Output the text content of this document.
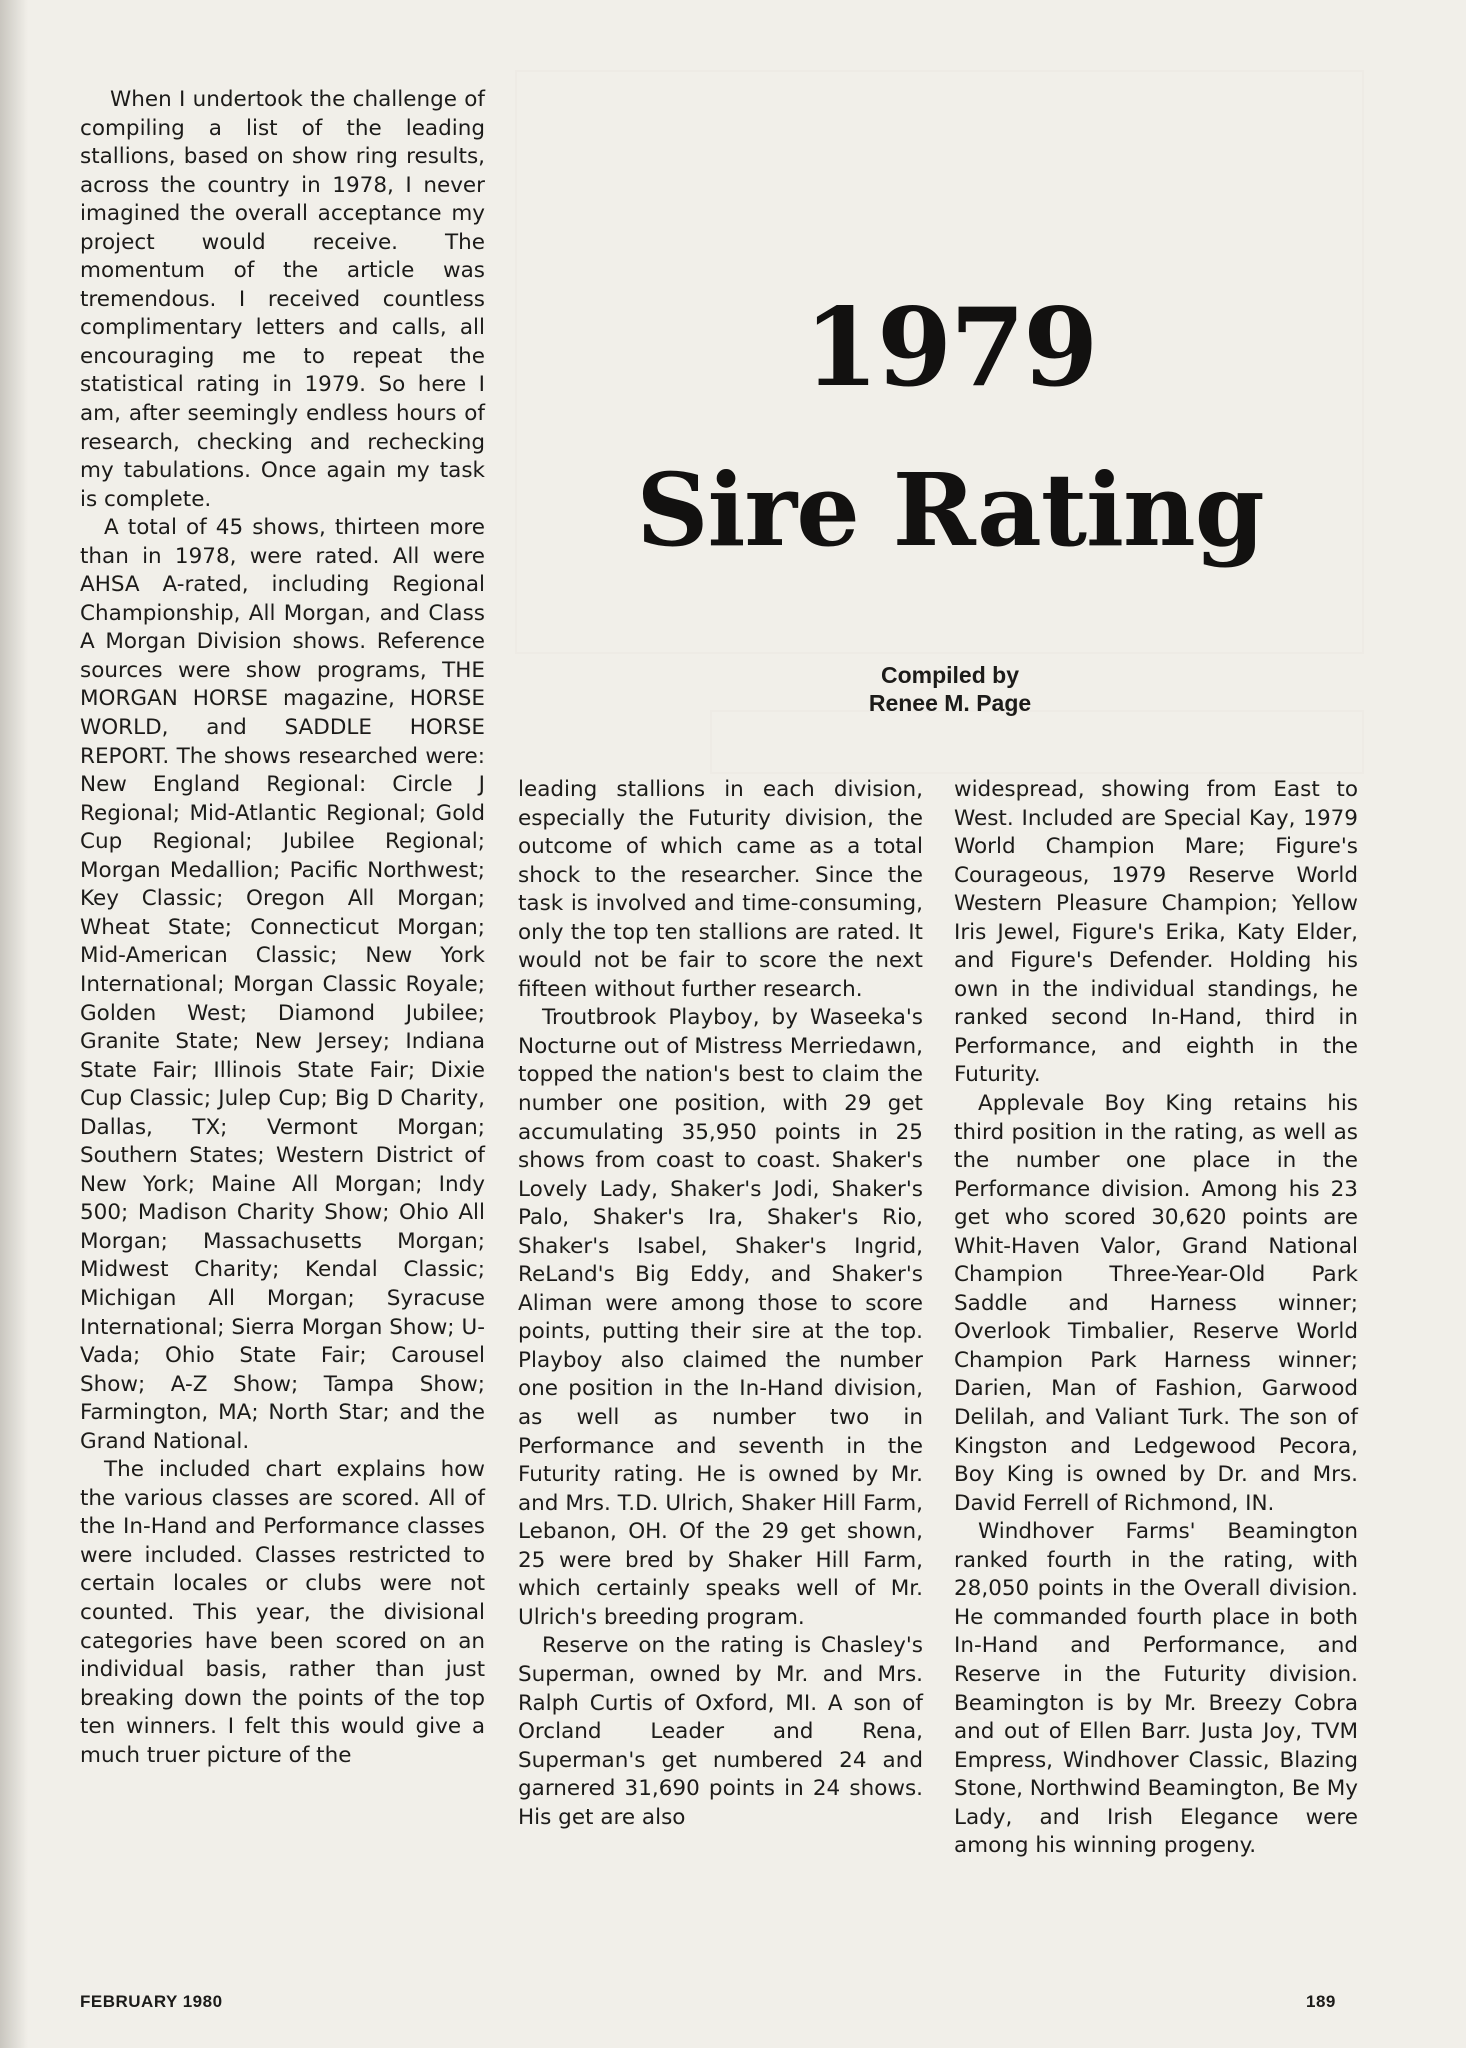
When I undertook the challenge of compiling a list of the leading stallions, based on show ring results, across the country in 1978, I never imagined the overall acceptance my project would receive. The momentum of the article was tremendous. I received countless complimentary letters and calls, all encouraging me to repeat the statistical rating in 1979. So here I am, after seemingly endless hours of research, checking and rechecking my tabulations. Once again my task is complete.

A total of 45 shows, thirteen more than in 1978, were rated. All were AHSA A-rated, including Regional Championship, All Morgan, and Class A Morgan Division shows. Reference sources were show programs, THE MORGAN HORSE magazine, HORSE WORLD, and SADDLE HORSE REPORT. The shows researched were: New England Regional: Circle J Regional; Mid-Atlantic Regional; Gold Cup Regional; Jubilee Regional; Morgan Medallion; Pacific Northwest; Key Classic; Oregon All Morgan; Wheat State; Connecticut Morgan; Mid-American Classic; New York International; Morgan Classic Royale; Golden West; Diamond Jubilee; Granite State; New Jersey; Indiana State Fair; Illinois State Fair; Dixie Cup Classic; Julep Cup; Big D Charity, Dallas, TX; Vermont Morgan; Southern States; Western District of New York; Maine All Morgan; Indy 500; Madison Charity Show; Ohio All Morgan; Massachusetts Morgan; Midwest Charity; Kendal Classic; Michigan All Morgan; Syracuse International; Sierra Morgan Show; U-Vada; Ohio State Fair; Carousel Show; A-Z Show; Tampa Show; Farmington, MA; North Star; and the Grand National.

The included chart explains how the various classes are scored. All of the In-Hand and Performance classes were included. Classes restricted to certain locales or clubs were not counted. This year, the divisional categories have been scored on an individual basis, rather than just breaking down the points of the top ten winners. I felt this would give a much truer picture of the

1979
Sire Rating
Compiled by
Renee M. Page

leading stallions in each division, especially the Futurity division, the outcome of which came as a total shock to the researcher. Since the task is involved and time-consuming, only the top ten stallions are rated. It would not be fair to score the next fifteen without further research.

Troutbrook Playboy, by Waseeka's Nocturne out of Mistress Merriedawn, topped the nation's best to claim the number one position, with 29 get accumulating 35,950 points in 25 shows from coast to coast. Shaker's Lovely Lady, Shaker's Jodi, Shaker's Palo, Shaker's Ira, Shaker's Rio, Shaker's Isabel, Shaker's Ingrid, ReLand's Big Eddy, and Shaker's Aliman were among those to score points, putting their sire at the top. Playboy also claimed the number one position in the In-Hand division, as well as number two in Performance and seventh in the Futurity rating. He is owned by Mr. and Mrs. T.D. Ulrich, Shaker Hill Farm, Lebanon, OH. Of the 29 get shown, 25 were bred by Shaker Hill Farm, which certainly speaks well of Mr. Ulrich's breeding program.

Reserve on the rating is Chasley's Superman, owned by Mr. and Mrs. Ralph Curtis of Oxford, MI. A son of Orcland Leader and Rena, Superman's get numbered 24 and garnered 31,690 points in 24 shows. His get are also

widespread, showing from East to West. Included are Special Kay, 1979 World Champion Mare; Figure's Courageous, 1979 Reserve World Western Pleasure Champion; Yellow Iris Jewel, Figure's Erika, Katy Elder, and Figure's Defender. Holding his own in the individual standings, he ranked second In-Hand, third in Performance, and eighth in the Futurity.

Applevale Boy King retains his third position in the rating, as well as the number one place in the Performance division. Among his 23 get who scored 30,620 points are Whit-Haven Valor, Grand National Champion Three-Year-Old Park Saddle and Harness winner; Overlook Timbalier, Reserve World Champion Park Harness winner; Darien, Man of Fashion, Garwood Delilah, and Valiant Turk. The son of Kingston and Ledgewood Pecora, Boy King is owned by Dr. and Mrs. David Ferrell of Richmond, IN.

Windhover Farms' Beamington ranked fourth in the rating, with 28,050 points in the Overall division. He commanded fourth place in both In-Hand and Performance, and Reserve in the Futurity division. Beamington is by Mr. Breezy Cobra and out of Ellen Barr. Justa Joy, TVM Empress, Windhover Classic, Blazing Stone, Northwind Beamington, Be My Lady, and Irish Elegance were among his winning progeny.

FEBRUARY 1980	189
